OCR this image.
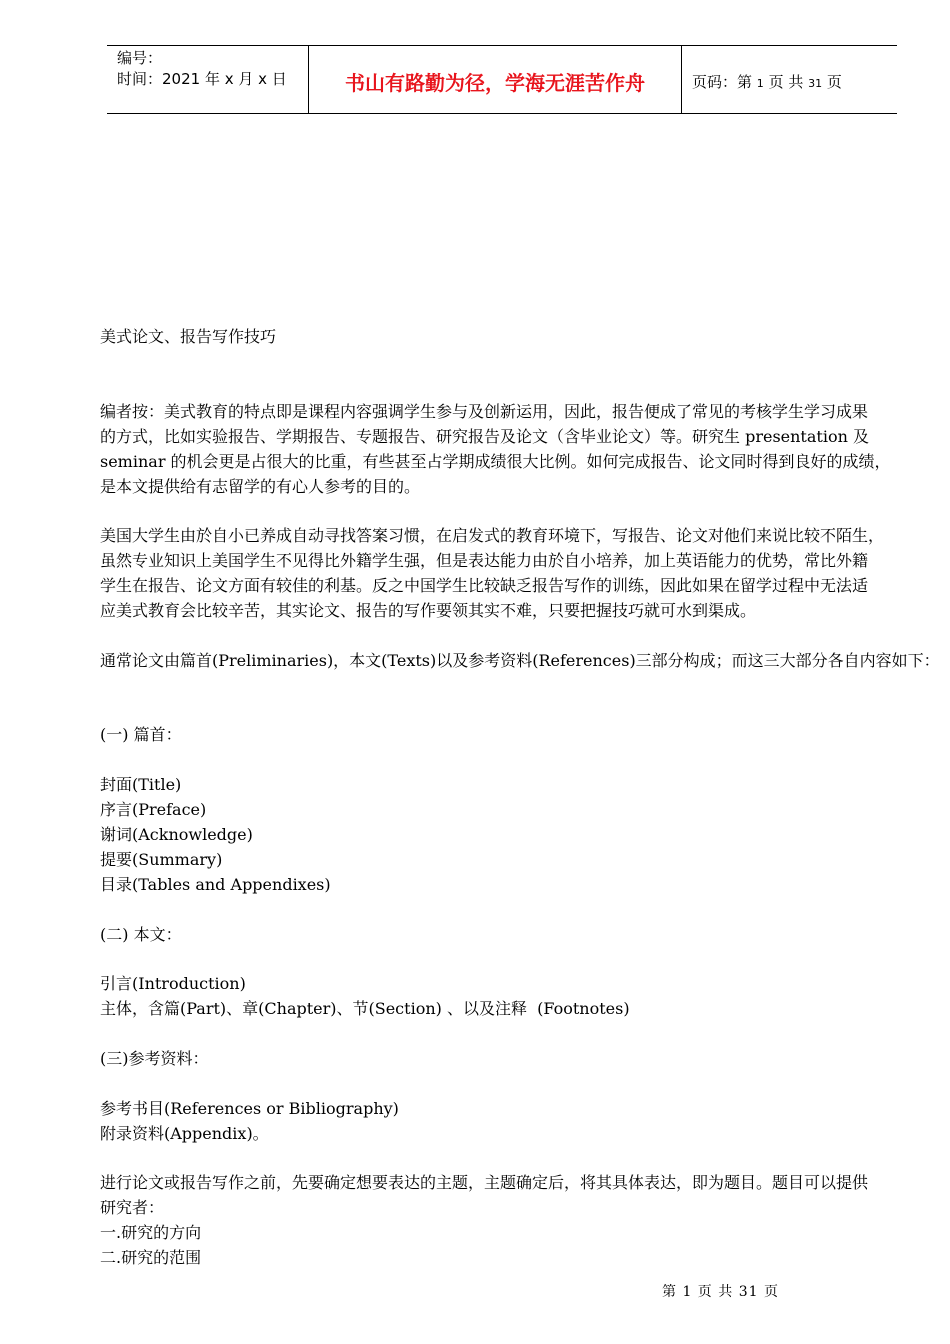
编号：
时间：2021 年 x 月 x 日	书山有路勤为径，学海无涯苦作舟	页码：第 1 页 共 31 页
美式论文、报告写作技巧
编者按：美式教育的特点即是课程内容强调学生参与及创新运用，因此，报告便成了常见的考核学生学习成果
的方式，比如实验报告、学期报告、专题报告、研究报告及论文（含毕业论文）等。研究生 presentation 及
seminar 的机会更是占很大的比重，有些甚至占学期成绩很大比例。如何完成报告、论文同时得到良好的成绩，
是本文提供给有志留学的有心人参考的目的。
美国大学生由於自小已养成自动寻找答案习惯，在启发式的教育环境下，写报告、论文对他们来说比较不陌生，
虽然专业知识上美国学生不见得比外籍学生强，但是表达能力由於自小培养，加上英语能力的优势，常比外籍
学生在报告、论文方面有较佳的利基。反之中国学生比较缺乏报告写作的训练，因此如果在留学过程中无法适
应美式教育会比较辛苦，其实论文、报告的写作要领其实不难，只要把握技巧就可水到渠成。
通常论文由篇首(Preliminaries)，本文(Texts)以及参考资料(References)三部分构成；而这三大部分各自内容如下：
(一) 篇首：
封面(Title)
序言(Preface)
谢词(Acknowledge)
提要(Summary)
目录(Tables and Appendixes)
(二) 本文：
引言(Introduction)
主体，含篇(Part)、章(Chapter)、节(Section) 、以及注释  (Footnotes)
(三)参考资料：
参考书目(References or Bibliography)
附录资料(Appendix)。
进行论文或报告写作之前，先要确定想要表达的主题，主题确定后，将其具体表达，即为题目。题目可以提供
研究者：
一.研究的方向
二.研究的范围
第 1 页 共 31 页
